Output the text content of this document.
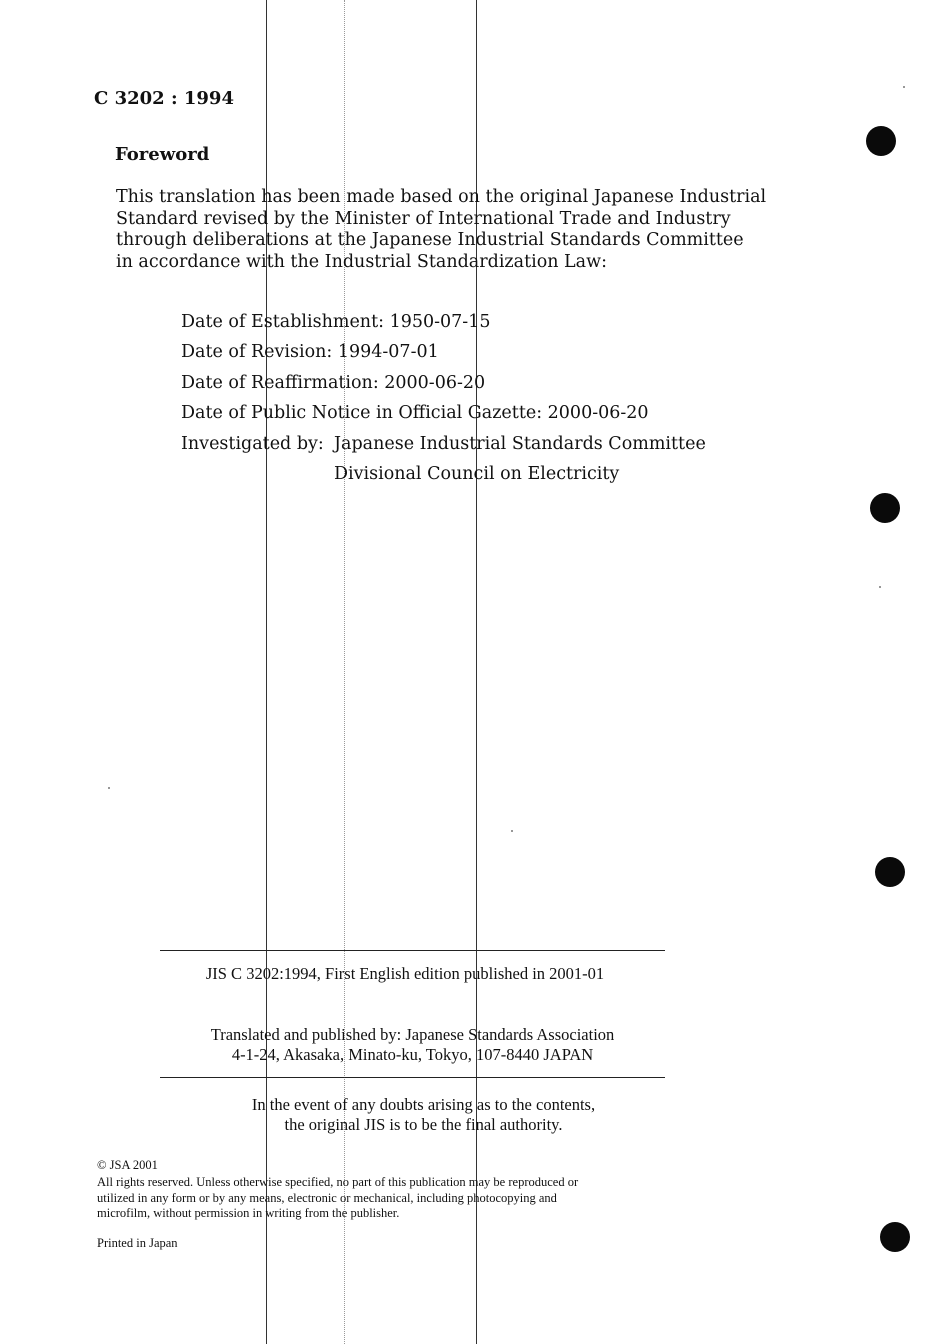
C 3202 : 1994
Foreword
This translation has been made based on the original Japanese Industrial
Standard revised by the Minister of International Trade and Industry
through deliberations at the Japanese Industrial Standards Committee
in accordance with the Industrial Standardization Law:
Date of Establishment: 1950-07-15
Date of Revision: 1994-07-01
Date of Reaffirmation: 2000-06-20
Date of Public Notice in Official Gazette: 2000-06-20
Investigated by: Japanese Industrial Standards Committee
Divisional Council on Electricity
JIS C 3202:1994, First English edition published in 2001-01
Translated and published by: Japanese Standards Association
4-1-24, Akasaka, Minato-ku, Tokyo, 107-8440 JAPAN
In the event of any doubts arising as to the contents,
the original JIS is to be the final authority.
© JSA 2001
All rights reserved. Unless otherwise specified, no part of this publication may be reproduced or
utilized in any form or by any means, electronic or mechanical, including photocopying and
microfilm, without permission in writing from the publisher.
Printed in Japan
